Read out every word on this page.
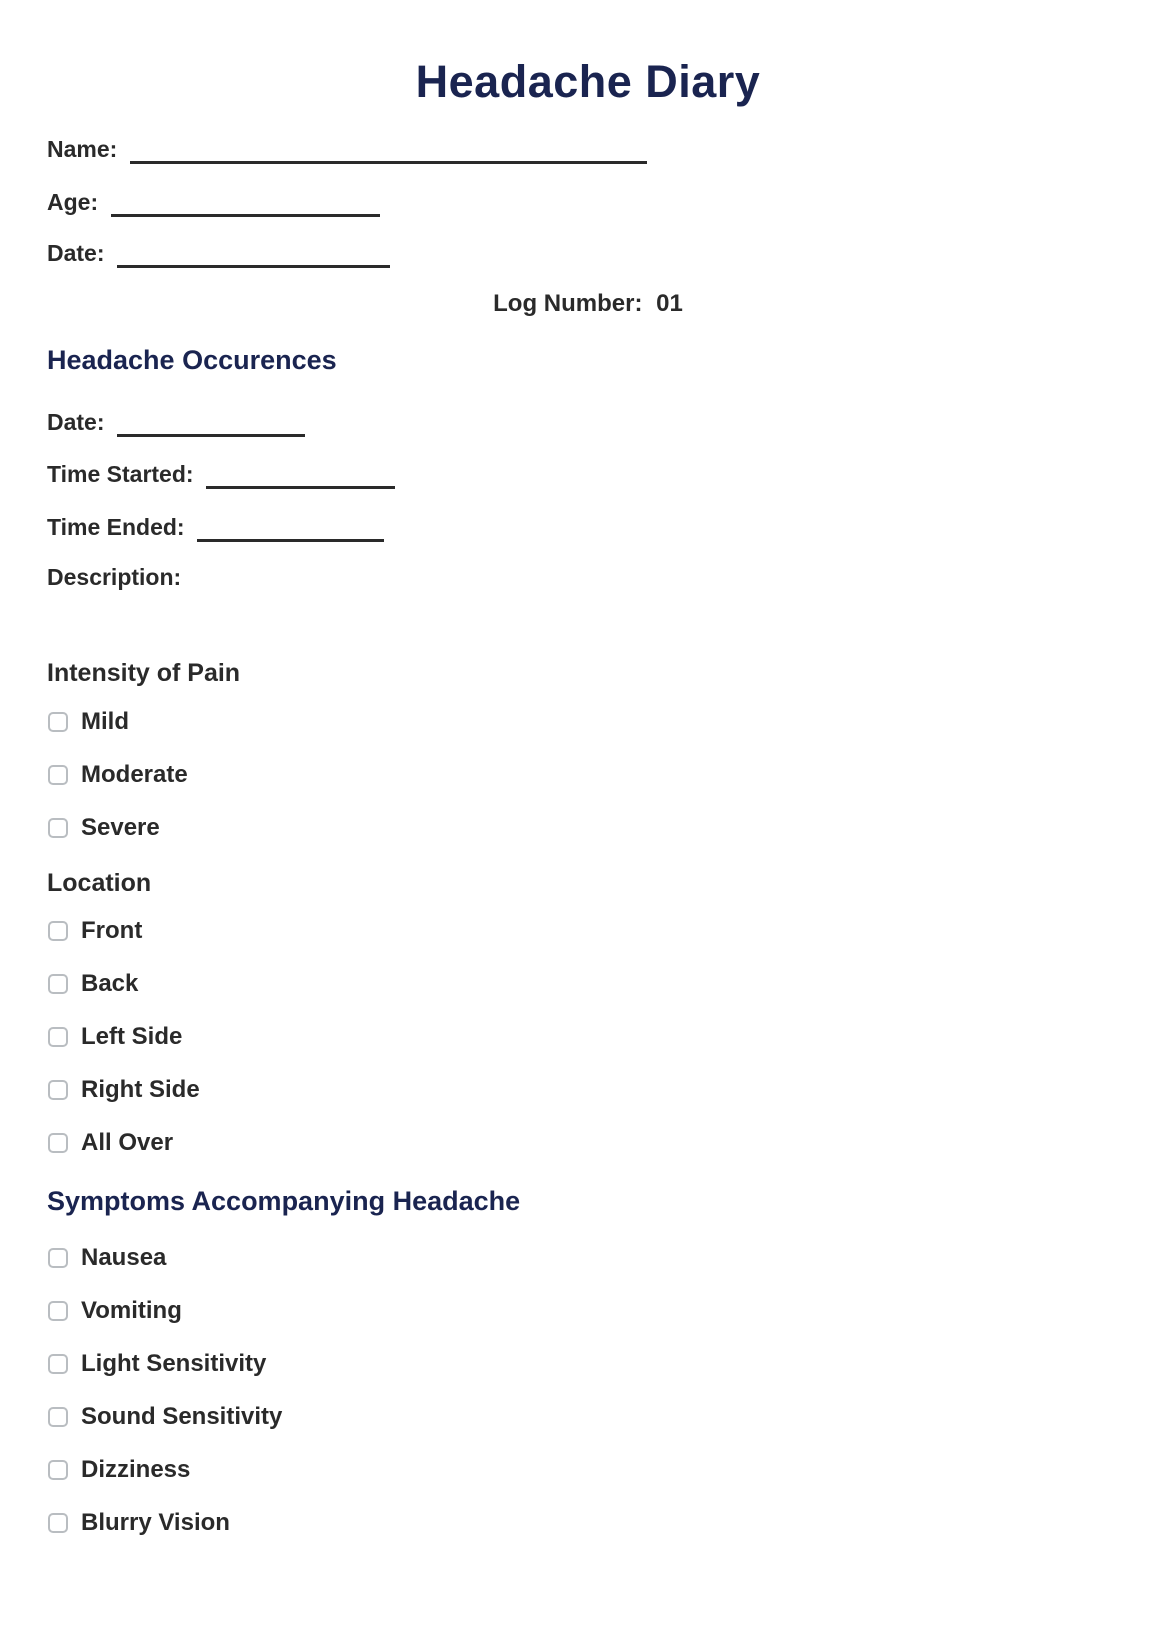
Headache Diary
Name:
Age:
Date:
Log Number: 01
Headache Occurences
Date:
Time Started:
Time Ended:
Description:
Intensity of Pain
Mild
Moderate
Severe
Location
Front
Back
Left Side
Right Side
All Over
Symptoms Accompanying Headache
Nausea
Vomiting
Light Sensitivity
Sound Sensitivity
Dizziness
Blurry Vision
